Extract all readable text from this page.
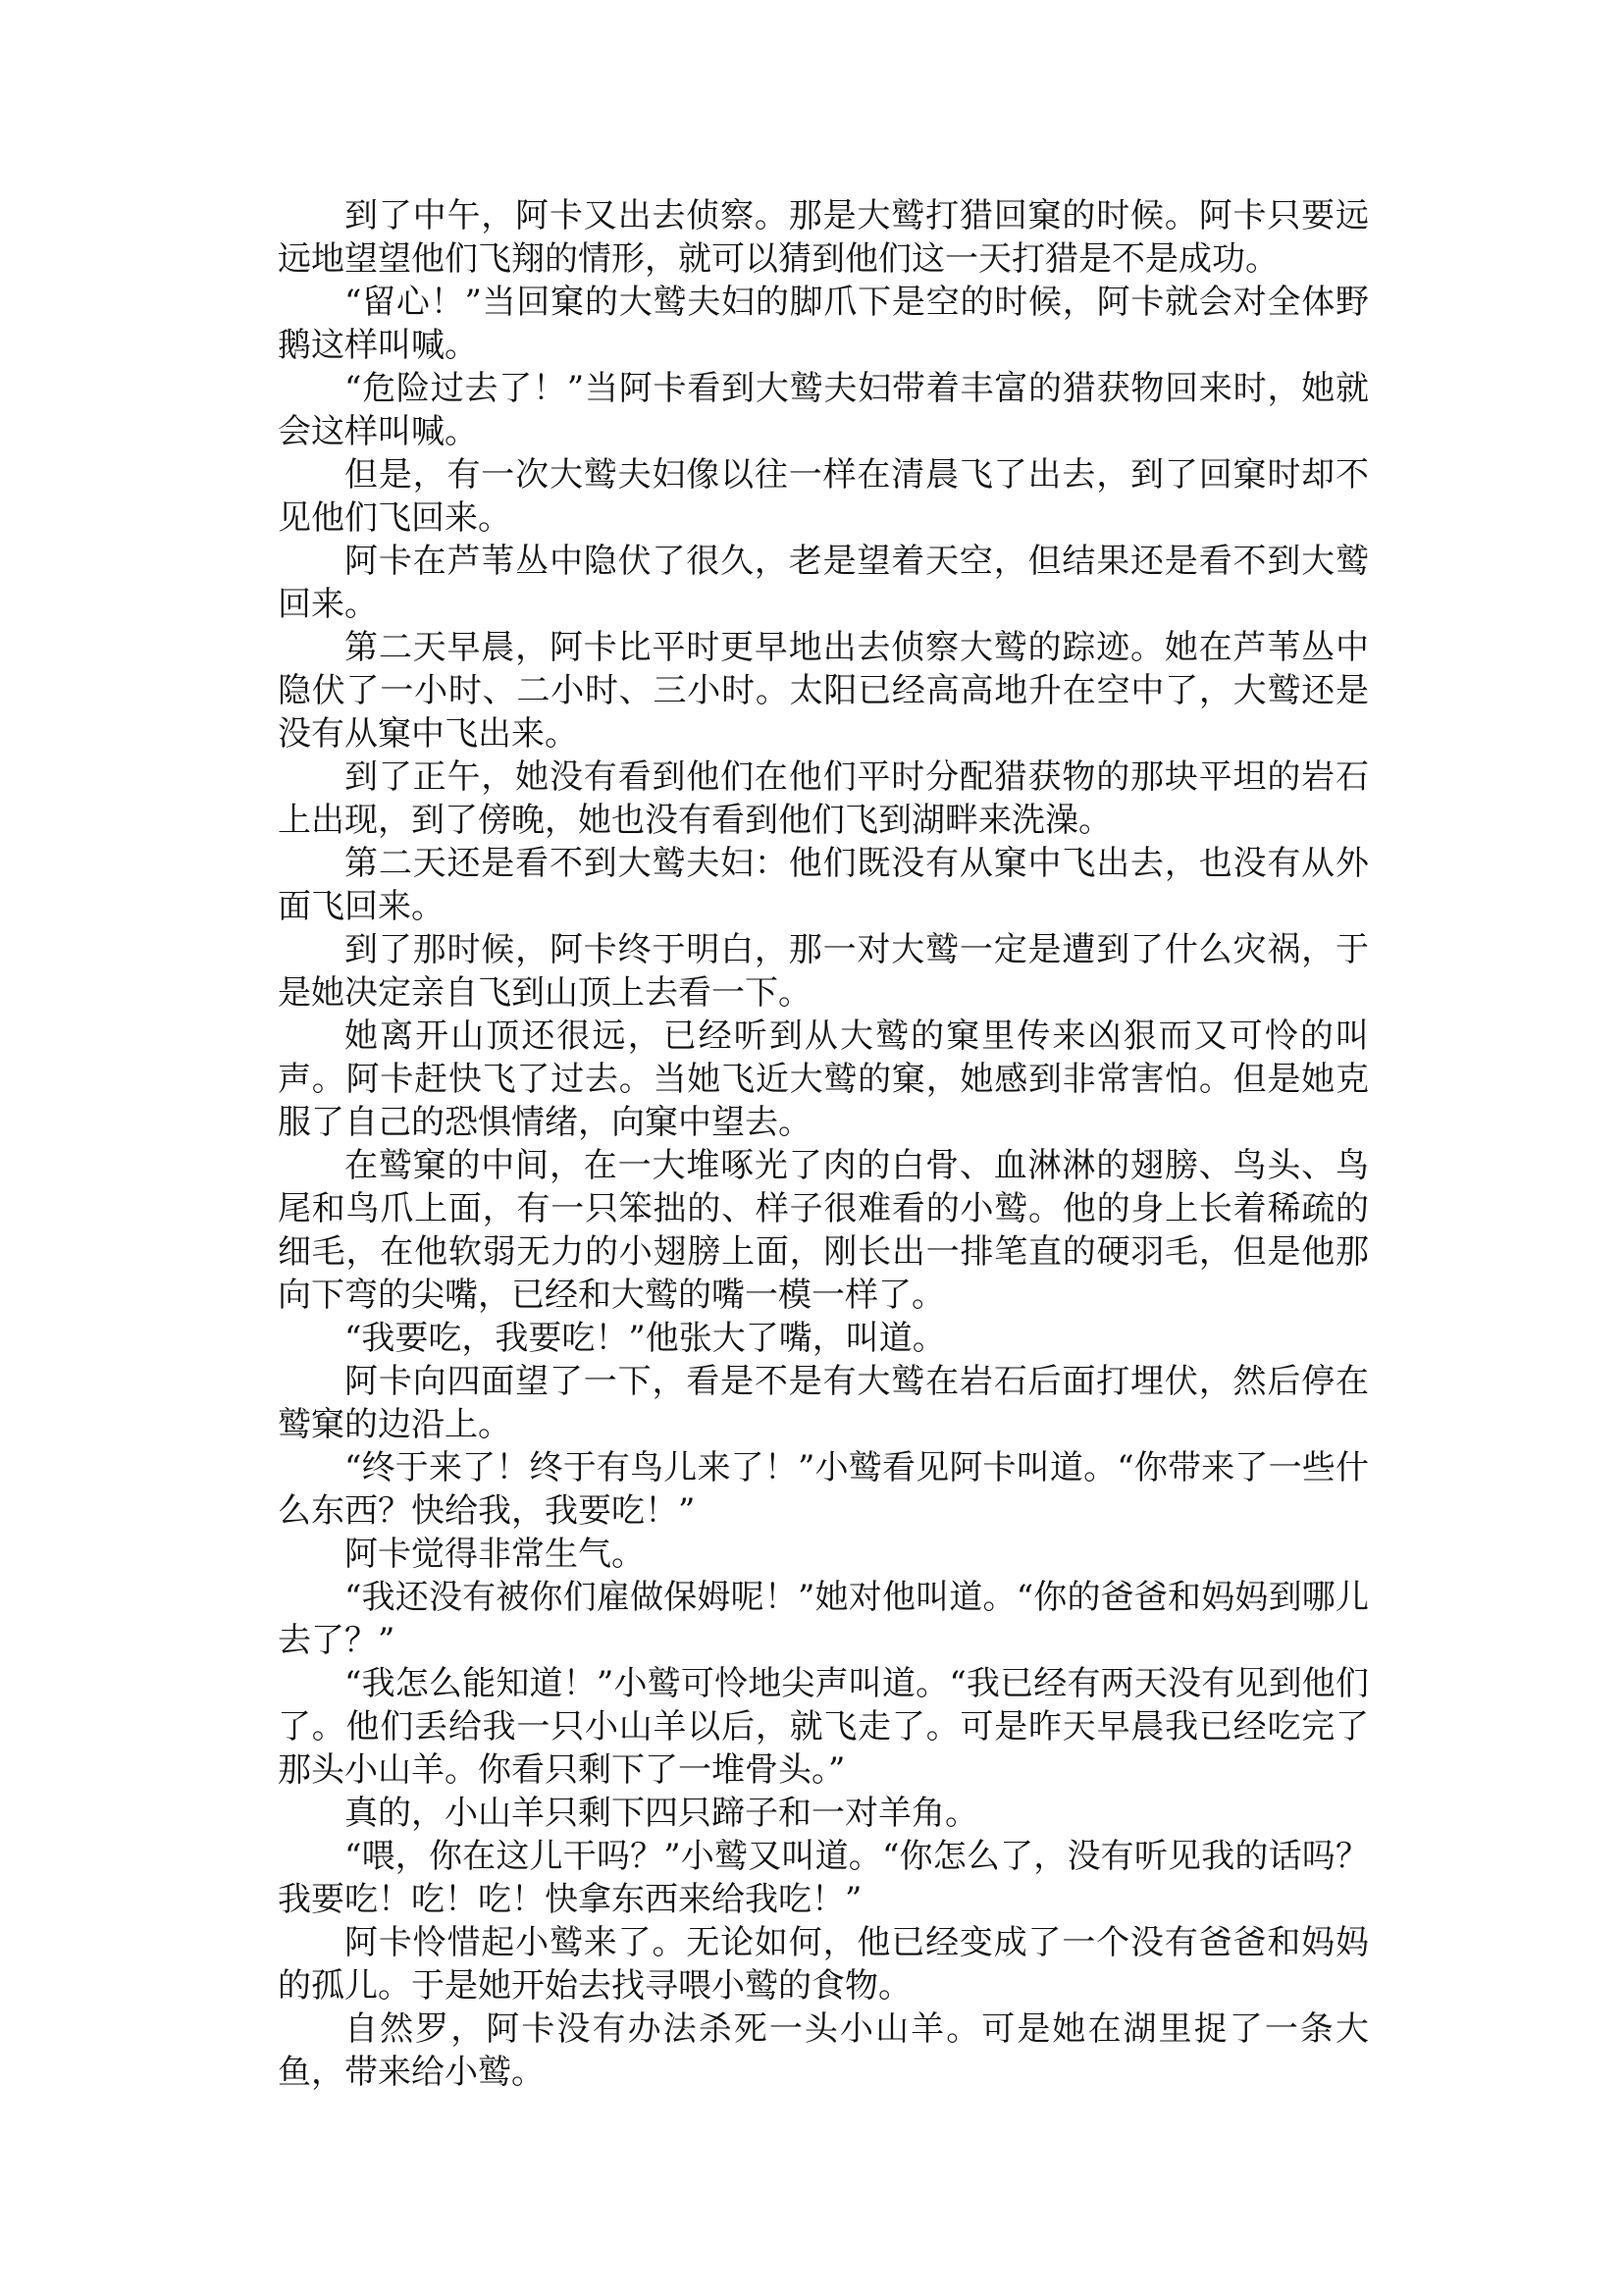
到了中午，阿卡又出去侦察。那是大鹫打猎回窠的时候。阿卡只要远远地望望他们飞翔的情形，就可以猜到他们这一天打猎是不是成功。

“留心！”当回窠的大鹫夫妇的脚爪下是空的时候，阿卡就会对全体野鹅这样叫喊。

“危险过去了！”当阿卡看到大鹫夫妇带着丰富的猎获物回来时，她就会这样叫喊。

但是，有一次大鹫夫妇像以往一样在清晨飞了出去，到了回窠时却不见他们飞回来。

阿卡在芦苇丛中隐伏了很久，老是望着天空，但结果还是看不到大鹫回来。

第二天早晨，阿卡比平时更早地出去侦察大鹫的踪迹。她在芦苇丛中隐伏了一小时、二小时、三小时。太阳已经高高地升在空中了，大鹫还是没有从窠中飞出来。

到了正午，她没有看到他们在他们平时分配猎获物的那块平坦的岩石上出现，到了傍晚，她也没有看到他们飞到湖畔来洗澡。

第二天还是看不到大鹫夫妇：他们既没有从窠中飞出去，也没有从外面飞回来。

到了那时候，阿卡终于明白，那一对大鹫一定是遭到了什么灾祸，于是她决定亲自飞到山顶上去看一下。

她离开山顶还很远，已经听到从大鹫的窠里传来凶狠而又可怜的叫声。阿卡赶快飞了过去。当她飞近大鹫的窠，她感到非常害怕。但是她克服了自己的恐惧情绪，向窠中望去。

在鹫窠的中间，在一大堆啄光了肉的白骨、血淋淋的翅膀、鸟头、鸟尾和鸟爪上面，有一只笨拙的、样子很难看的小鹫。他的身上长着稀疏的细毛，在他软弱无力的小翅膀上面，刚长出一排笔直的硬羽毛，但是他那向下弯的尖嘴，已经和大鹫的嘴一模一样了。

“我要吃，我要吃！”他张大了嘴，叫道。

阿卡向四面望了一下，看是不是有大鹫在岩石后面打埋伏，然后停在鹫窠的边沿上。

“终于来了！终于有鸟儿来了！”小鹫看见阿卡叫道。“你带来了一些什么东西？快给我，我要吃！”

阿卡觉得非常生气。

“我还没有被你们雇做保姆呢！”她对他叫道。“你的爸爸和妈妈到哪儿去了？”

“我怎么能知道！”小鹫可怜地尖声叫道。“我已经有两天没有见到他们了。他们丢给我一只小山羊以后，就飞走了。可是昨天早晨我已经吃完了那头小山羊。你看只剩下了一堆骨头。”

真的，小山羊只剩下四只蹄子和一对羊角。

“喂，你在这儿干吗？”小鹫又叫道。“你怎么了，没有听见我的话吗？我要吃！吃！吃！快拿东西来给我吃！”

阿卡怜惜起小鹫来了。无论如何，他已经变成了一个没有爸爸和妈妈的孤儿。于是她开始去找寻喂小鹫的食物。

自然罗，阿卡没有办法杀死一头小山羊。可是她在湖里捉了一条大鱼，带来给小鹫。
